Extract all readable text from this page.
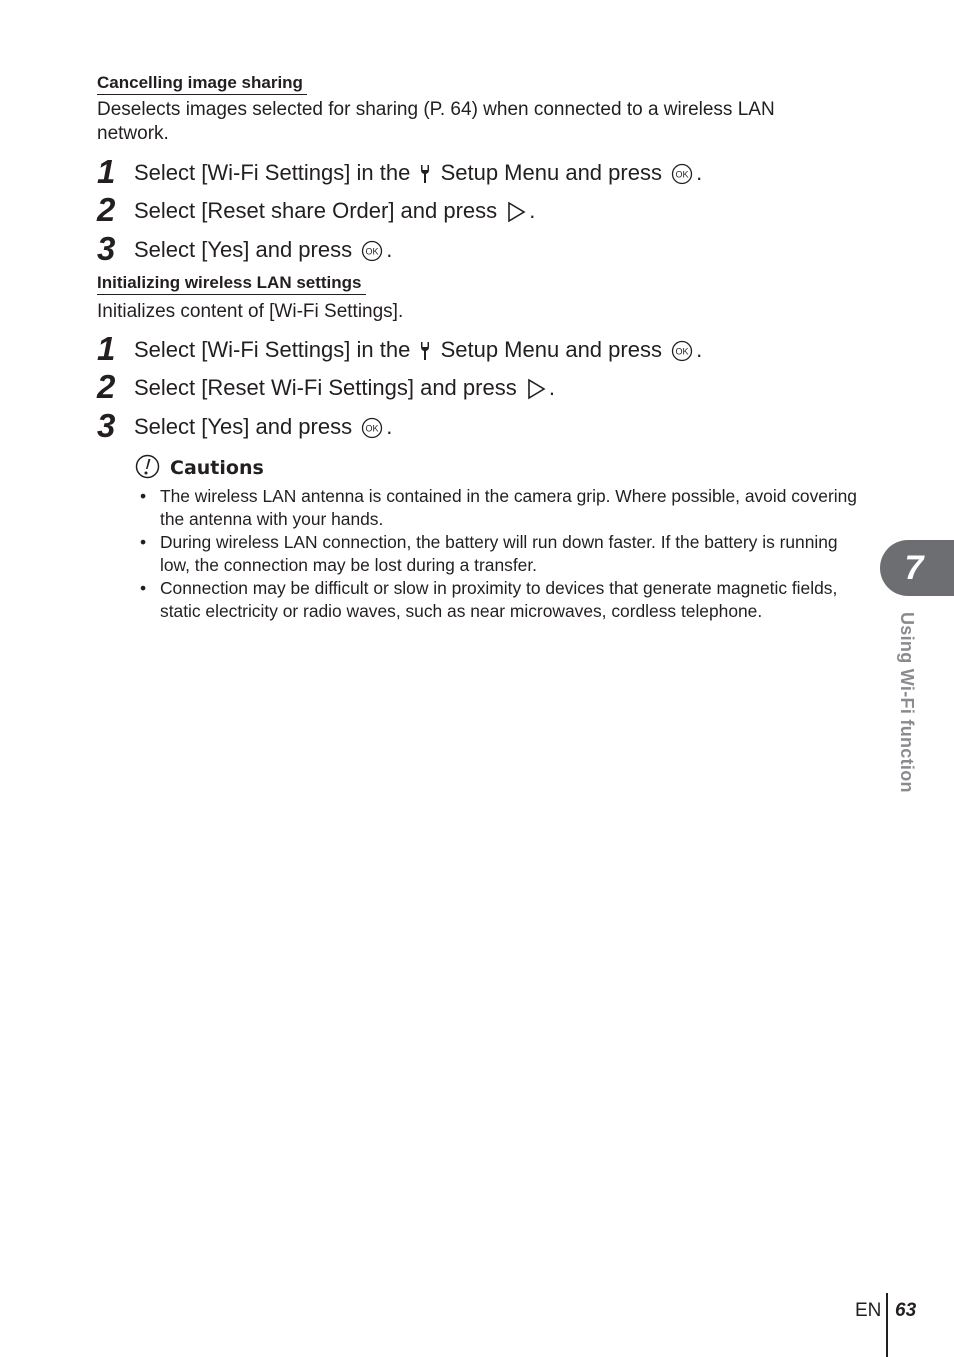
Cancelling image sharing

Deselects images selected for sharing (P. 64) when connected to a wireless LAN network.

1 Select [Wi-Fi Settings] in the Setup Menu and press OK .
2 Select [Reset share Order] and press .
3 Select [Yes] and press OK .
Initializing wireless LAN settings

Initializes content of [Wi-Fi Settings].

1 Select [Wi-Fi Settings] in the Setup Menu and press OK .
2 Select [Reset Wi-Fi Settings] and press .
3 Select [Yes] and press OK .
Cautions
• The wireless LAN antenna is contained in the camera grip. Where possible, avoid covering the antenna with your hands.
• During wireless LAN connection, the battery will run down faster. If the battery is running low, the connection may be lost during a transfer.
• Connection may be difficult or slow in proximity to devices that generate magnetic fields, static electricity or radio waves, such as near microwaves, cordless telephone.
7
Using Wi-Fi function
EN 63
